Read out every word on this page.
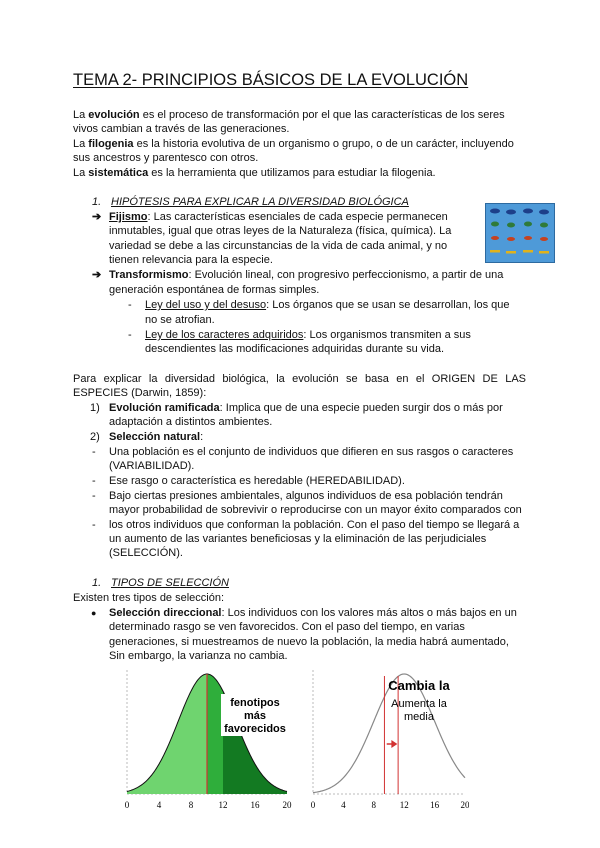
TEMA 2- PRINCIPIOS BÁSICOS DE LA EVOLUCIÓN
La evolución es el proceso de transformación por el que las características de los seres
vivos cambian a través de las generaciones.
La filogenia es la historia evolutiva de un organismo o grupo, o de un carácter, incluyendo
sus ancestros y parentesco con otros.
La sistemática es la herramienta que utilizamos para estudiar la filogenia.
1. HIPÓTESIS PARA EXPLICAR LA DIVERSIDAD BIOLÓGICA
➔ Fijismo: Las características esenciales de cada especie permanecen
inmutables, igual que otras leyes de la Naturaleza (física, química). La
variedad se debe a las circunstancias de la vida de cada animal, y no
tienen relevancia para la especie.
➔ Transformismo: Evolución lineal, con progresivo perfeccionismo, a partir de una
generación espontánea de formas simples.
- Ley del uso y del desuso: Los órganos que se usan se desarrollan, los que
no se atrofian.
- Ley de los caracteres adquiridos: Los organismos transmiten a sus
descendientes las modificaciones adquiridas durante su vida.
Para explicar la diversidad biológica, la evolución se basa en el ORIGEN DE LAS
ESPECIES (Darwin, 1859):
1) Evolución ramificada: Implica que de una especie pueden surgir dos o más por
adaptación a distintos ambientes.
2) Selección natural:
- Una población es el conjunto de individuos que difieren en sus rasgos o caracteres
(VARIABILIDAD).
- Ese rasgo o característica es heredable (HEREDABILIDAD).
- Bajo ciertas presiones ambientales, algunos individuos de esa población tendrán
mayor probabilidad de sobrevivir o reproducirse con un mayor éxito comparados con
- los otros individuos que conforman la población. Con el paso del tiempo se llegará a
un aumento de las variantes beneficiosas y la eliminación de las perjudiciales
(SELECCIÓN).
1. TIPOS DE SELECCIÓN
Existen tres tipos de selección:
● Selección direccional: Los individuos con los valores más altos o más bajos en un
determinado rasgo se ven favorecidos. Con el paso del tiempo, en varias
generaciones, si muestreamos de nuevo la población, la media habrá aumentado,
Sin embargo, la varianza no cambia.
fenotipos
más
favorecidos
0	4	8	12	16	20
Cambia la
Aumenta la
media
0	4	8	12 16 20
